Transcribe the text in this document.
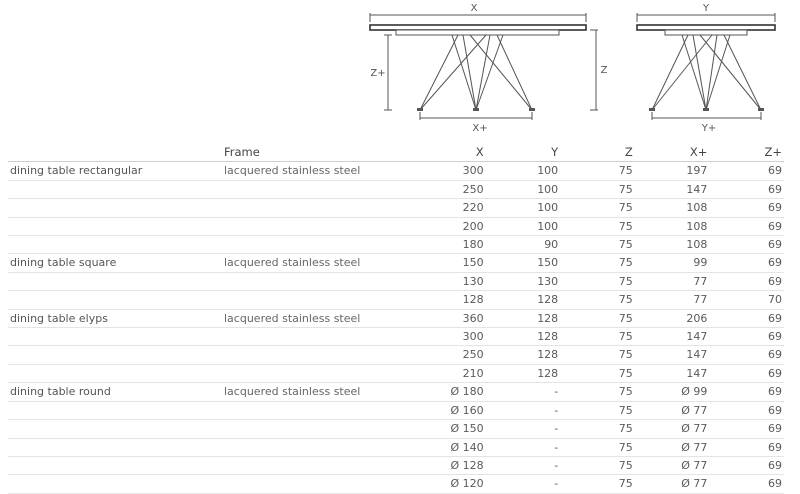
X
Z+	Z
X+
Y
Y+
	Frame	X	Y	Z	X+	Z+
dining table rectangular	lacquered stainless steel	300	100	75	197	69
		250	100	75	147	69
		220	100	75	108	69
		200	100	75	108	69
		180	90	75	108	69
dining table square	lacquered stainless steel	150	150	75	99	69
		130	130	75	77	69
		128	128	75	77	70
dining table elyps	lacquered stainless steel	360	128	75	206	69
		300	128	75	147	69
		250	128	75	147	69
		210	128	75	147	69
dining table round	lacquered stainless steel	Ø 180	-	75	Ø 99	69
		Ø 160	-	75	Ø 77	69
		Ø 150	-	75	Ø 77	69
		Ø 140	-	75	Ø 77	69
		Ø 128	-	75	Ø 77	69
		Ø 120	-	75	Ø 77	69
